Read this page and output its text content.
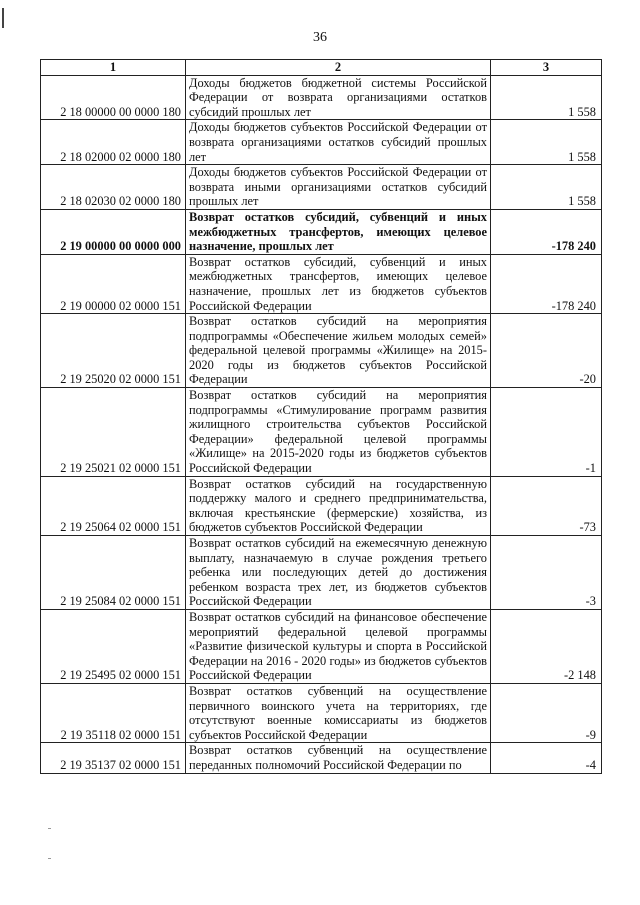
36
1	2	3
2 18 00000 00 0000 180	Доходы бюджетов бюджетной системы Российской Федерации от возврата организациями остатков субсидий прошлых лет	1 558
2 18 02000 02 0000 180	Доходы бюджетов субъектов Российской Федерации от возврата организациями остатков субсидий прошлых лет	1 558
2 18 02030 02 0000 180	Доходы бюджетов субъектов Российской Федерации от возврата иными организациями остатков субсидий прошлых лет	1 558
2 19 00000 00 0000 000	Возврат остатков субсидий, субвенций и иных межбюджетных трансфертов, имеющих целевое назначение, прошлых лет	-178 240
2 19 00000 02 0000 151	Возврат остатков субсидий, субвенций и иных межбюджетных трансфертов, имеющих целевое назначение, прошлых лет из бюджетов субъектов Российской Федерации	-178 240
2 19 25020 02 0000 151	Возврат остатков субсидий на мероприятия подпрограммы «Обеспечение жильем молодых семей» федеральной целевой программы «Жилище» на 2015-2020 годы из бюджетов субъектов Российской Федерации	-20
2 19 25021 02 0000 151	Возврат остатков субсидий на мероприятия подпрограммы «Стимулирование программ развития жилищного строительства субъектов Российской Федерации» федеральной целевой программы «Жилище» на 2015-2020 годы из бюджетов субъектов Российской Федерации	-1
2 19 25064 02 0000 151	Возврат остатков субсидий на государственную поддержку малого и среднего предпринимательства, включая крестьянские (фермерские) хозяйства, из бюджетов субъектов Российской Федерации	-73
2 19 25084 02 0000 151	Возврат остатков субсидий на ежемесячную денежную выплату, назначаемую в случае рождения третьего ребенка или последующих детей до достижения ребенком возраста трех лет, из бюджетов субъектов Российской Федерации	-3
2 19 25495 02 0000 151	Возврат остатков субсидий на финансовое обеспечение мероприятий федеральной целевой программы «Развитие физической культуры и спорта в Российской Федерации на 2016 - 2020 годы» из бюджетов субъектов Российской Федерации	-2 148
2 19 35118 02 0000 151	Возврат остатков субвенций на осуществление первичного воинского учета на территориях, где отсутствуют военные комиссариаты из бюджетов субъектов Российской Федерации	-9
2 19 35137 02 0000 151	Возврат остатков субвенций на осуществление переданных полномочий Российской Федерации по	-4
